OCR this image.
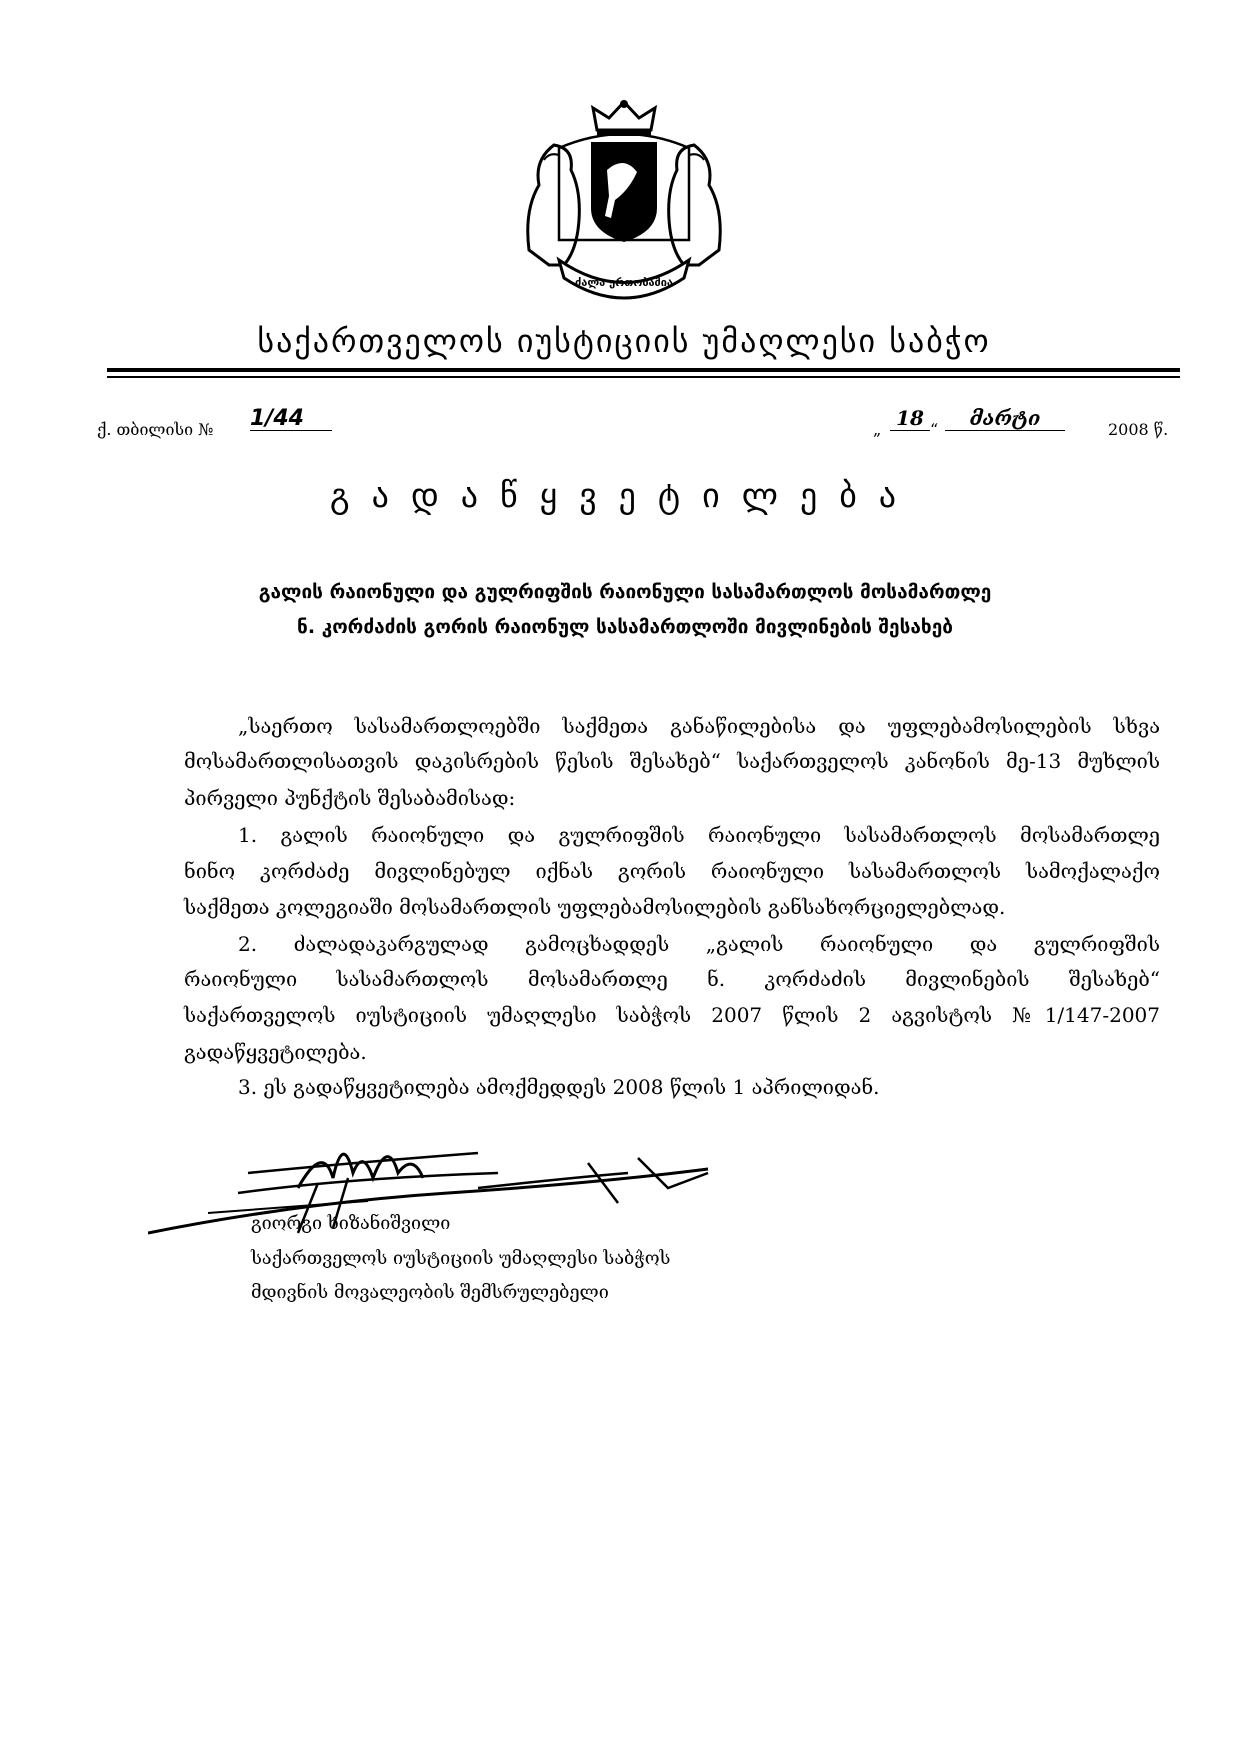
ძალა ერთობაშია
საქართველოს იუსტიციის უმაღლესი საბჭო
ქ. თბილისი № 1/44	„ 18 “	მარტი	2008 წ.
გადაწყვეტილება
გალის რაიონული და გულრიფშის რაიონული სასამართლოს მოსამართლე
ნ. კორძაძის გორის რაიონულ სასამართლოში მივლინების შესახებ
„საერთო სასამართლოებში საქმეთა განაწილებისა და უფლებამოსილების სხვა
მოსამართლისათვის დაკისრების წესის შესახებ“ საქართველოს კანონის მე-13 მუხლის
პირველი პუნქტის შესაბამისად:
1. გალის რაიონული და გულრიფშის რაიონული სასამართლოს მოსამართლე
ნინო კორძაძე მივლინებულ იქნას გორის რაიონული სასამართლოს სამოქალაქო
საქმეთა კოლეგიაში მოსამართლის უფლებამოსილების განსახორციელებლად.
2. ძალადაკარგულად გამოცხადდეს „გალის რაიონული და გულრიფშის
რაიონული სასამართლოს მოსამართლე ნ. კორძაძის მივლინების შესახებ“
საქართველოს იუსტიციის უმაღლესი საბჭოს 2007 წლის 2 აგვისტოს №1/147-2007
გადაწყვეტილება.
3. ეს გადაწყვეტილება ამოქმედდეს 2008 წლის 1 აპრილიდან.
გიორგი ხიზანიშვილი
საქართველოს იუსტიციის უმაღლესი საბჭოს
მდივნის მოვალეობის შემსრულებელი
